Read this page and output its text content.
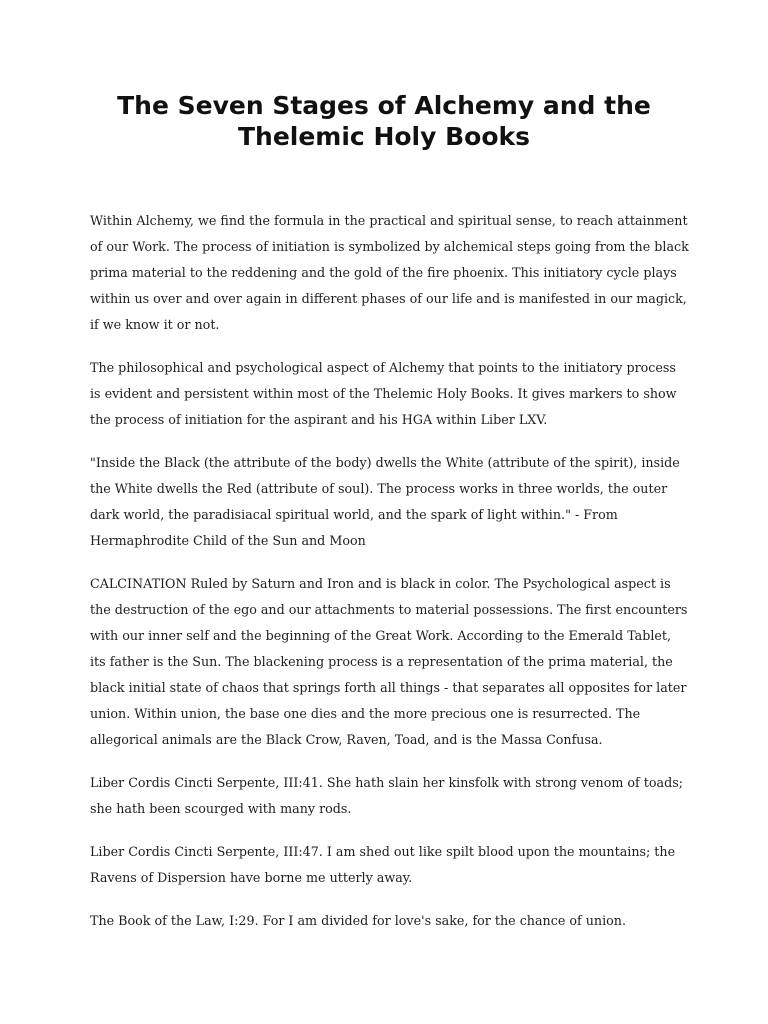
The Seven Stages of Alchemy and the Thelemic Holy Books

Within Alchemy, we find the formula in the practical and spiritual sense, to reach attainment of our Work. The process of initiation is symbolized by alchemical steps going from the black prima material to the reddening and the gold of the fire phoenix. This initiatory cycle plays within us over and over again in different phases of our life and is manifested in our magick, if we know it or not.

The philosophical and psychological aspect of Alchemy that points to the initiatory process is evident and persistent within most of the Thelemic Holy Books. It gives markers to show the process of initiation for the aspirant and his HGA within Liber LXV.

"Inside the Black (the attribute of the body) dwells the White (attribute of the spirit), inside the White dwells the Red (attribute of soul). The process works in three worlds, the outer dark world, the paradisiacal spiritual world, and the spark of light within." - From Hermaphrodite Child of the Sun and Moon

CALCINATION Ruled by Saturn and Iron and is black in color. The Psychological aspect is the destruction of the ego and our attachments to material possessions. The first encounters with our inner self and the beginning of the Great Work. According to the Emerald Tablet, its father is the Sun. The blackening process is a representation of the prima material, the black initial state of chaos that springs forth all things - that separates all opposites for later union. Within union, the base one dies and the more precious one is resurrected. The allegorical animals are the Black Crow, Raven, Toad, and is the Massa Confusa.

Liber Cordis Cincti Serpente, III:41. She hath slain her kinsfolk with strong venom of toads; she hath been scourged with many rods.

Liber Cordis Cincti Serpente, III:47. I am shed out like spilt blood upon the mountains; the Ravens of Dispersion have borne me utterly away.

The Book of the Law, I:29. For I am divided for love's sake, for the chance of union.
